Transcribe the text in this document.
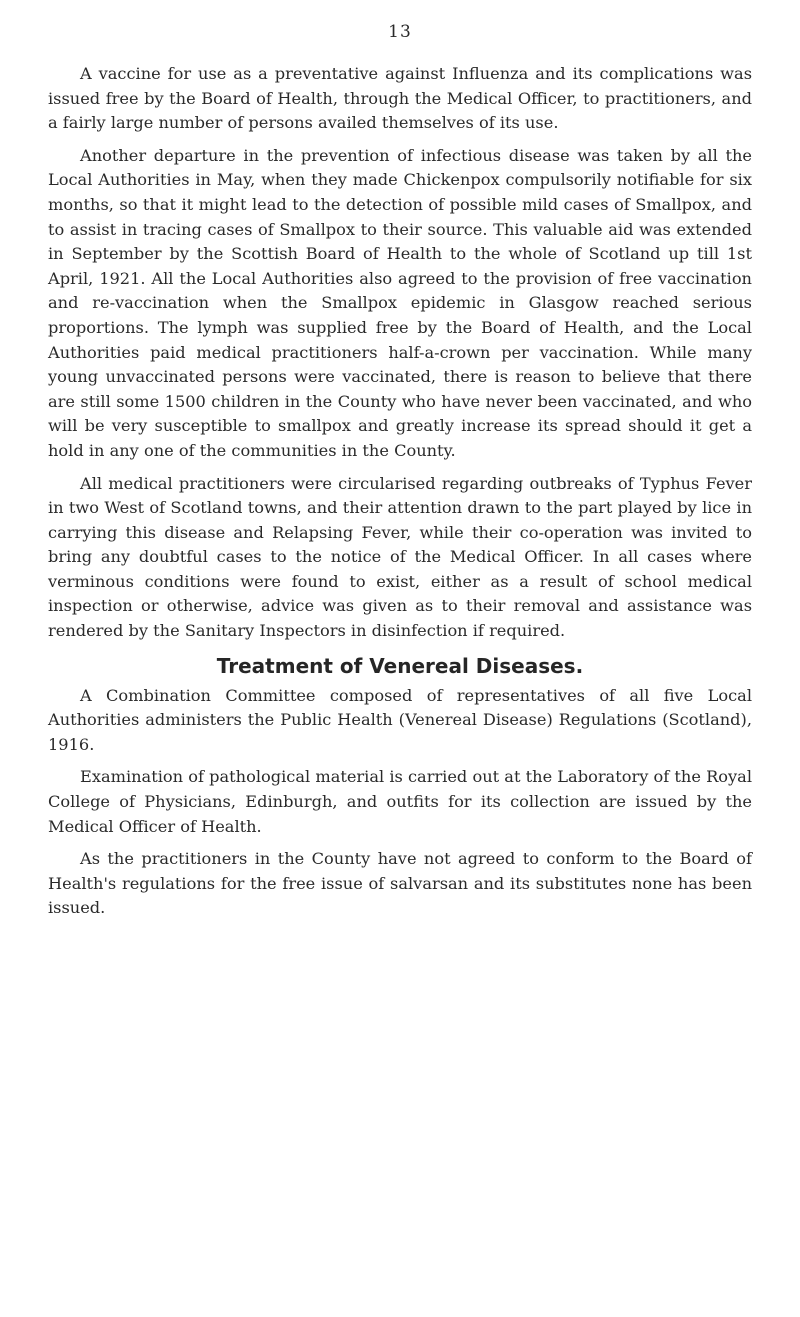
13

A vaccine for use as a preventative against Influenza and its complications was issued free by the Board of Health, through the Medical Officer, to practitioners, and a fairly large number of persons availed themselves of its use.

Another departure in the prevention of infectious disease was taken by all the Local Authorities in May, when they made Chickenpox compulsorily notifiable for six months, so that it might lead to the detection of possible mild cases of Smallpox, and to assist in tracing cases of Smallpox to their source. This valuable aid was extended in September by the Scottish Board of Health to the whole of Scotland up till 1st April, 1921. All the Local Authorities also agreed to the provision of free vaccination and re-vaccination when the Smallpox epidemic in Glasgow reached serious proportions. The lymph was supplied free by the Board of Health, and the Local Authorities paid medical practitioners half-a-crown per vaccination. While many young unvaccinated persons were vaccinated, there is reason to believe that there are still some 1500 children in the County who have never been vaccinated, and who will be very susceptible to smallpox and greatly increase its spread should it get a hold in any one of the communities in the County.

All medical practitioners were circularised regarding outbreaks of Typhus Fever in two West of Scotland towns, and their attention drawn to the part played by lice in carrying this disease and Relapsing Fever, while their co-operation was invited to bring any doubtful cases to the notice of the Medical Officer. In all cases where verminous conditions were found to exist, either as a result of school medical inspection or otherwise, advice was given as to their removal and assistance was rendered by the Sanitary Inspectors in disinfection if required.

Treatment of Venereal Diseases.

A Combination Committee composed of representatives of all five Local Authorities administers the Public Health (Venereal Disease) Regulations (Scotland), 1916.

Examination of pathological material is carried out at the Laboratory of the Royal College of Physicians, Edinburgh, and outfits for its collection are issued by the Medical Officer of Health.

As the practitioners in the County have not agreed to conform to the Board of Health's regulations for the free issue of salvarsan and its substitutes none has been issued.
